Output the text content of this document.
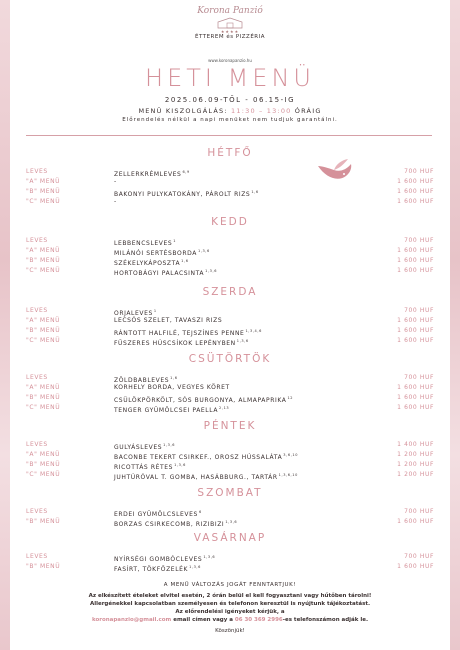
Korona Panzió
★★★★
ÉTTEREM és PIZZÉRIA
www.koronapanzio.hu
HETI MENÜ
2025.06.09-TŐL - 06.15-IG
MENÜ KISZOLGÁLÁS: 11:30 – 13:00 ÓRÁIG
Előrendelés nélkül a napi menüket nem tudjuk garantálni.
HÉTFŐ
LEVES	ZELLERKRÉMLEVES$^{6,9}$	700 HUF
"A" MENÜ	-	1 600 HUF
"B" MENÜ	BAKONYI PULYKATOKÁNY, PÁROLT RIZS$^{1,6}$	1 600 HUF
"C" MENÜ	-	1 600 HUF
KEDD
LEVES	LEBBENCSLEVES$^1$	700 HUF
"A" MENÜ	MILÁNÓI SERTÉSBORDA$^{1,3,6}$	1 600 HUF
"B" MENÜ	SZÉKELYKÁPOSZTA$^{1,6}$	1 600 HUF
"C" MENÜ	HORTOBÁGYI PALACSINTA$^{1,3,6}$	1 600 HUF
SZERDA
LEVES	ORJALEVES$^1$	700 HUF
"A" MENÜ	LECSÓS SZELET, TAVASZI RIZS	1 600 HUF
"B" MENÜ	RÁNTOTT HALFILÉ, TEJSZÍNES PENNE$^{1,3,4,6}$	1 600 HUF
"C" MENÜ	FŰSZERES HÚSCSÍKOK LEPÉNYBEN$^{1,3,6}$	1 600 HUF
CSÜTÖRTÖK
LEVES	ZÖLDBABLEVES$^{1,6}$	700 HUF
"A" MENÜ	KORHELY BORDA, VEGYES KÖRET	1 600 HUF
"B" MENÜ	CSÜLÖKPÖRKÖLT, SÓS BURGONYA, ALMAPAPRIKA$^{12}$	1 600 HUF
"C" MENÜ	TENGER GYÜMÖLCSEI PAELLA$^{2,13}$	1 600 HUF
PÉNTEK
LEVES	GULYÁSLEVES$^{1,3,6}$	1 400 HUF
"A" MENÜ	BACONBE TEKERT CSIRKEF., OROSZ HÚSSALÁTA$^{3,6,10}$	1 200 HUF
"B" MENÜ	RICOTTÁS RÉTES$^{1,3,6}$	1 200 HUF
"C" MENÜ	JUHTÚRÓVAL T. GOMBA, HASÁBBURG., TARTÁR$^{1,3,6,10}$	1 200 HUF
SZOMBAT
LEVES	ERDEI GYÜMÖLCSLEVES$^6$	700 HUF
"B" MENÜ	BORZAS CSIRKECOMB, RIZIBIZI$^{1,3,6}$	1 600 HUF
VASÁRNAP
LEVES	NYÍRSÉGI GOMBÓCLEVES$^{1,3,6}$	700 HUF
"B" MENÜ	FASÍRT, TÖKFŐZELÉK$^{1,3,6}$	1 600 HUF
A MENÜ VÁLTOZÁS JOGÁT FENNTARTJUK!
Az elkészített ételeket elvitel esetén, 2 órán belül el kell fogyasztani vagy hűtőben tárolni!
Allergénekkel kapcsolatban személyesen és telefonon keresztül is nyújtunk tájékoztatást.
Az előrendelési igényeket kérjük, a
koronapanzio@gmail.com email címen vagy a 06 30 369 2996-es telefonszámon adják le.
Köszönjük!
